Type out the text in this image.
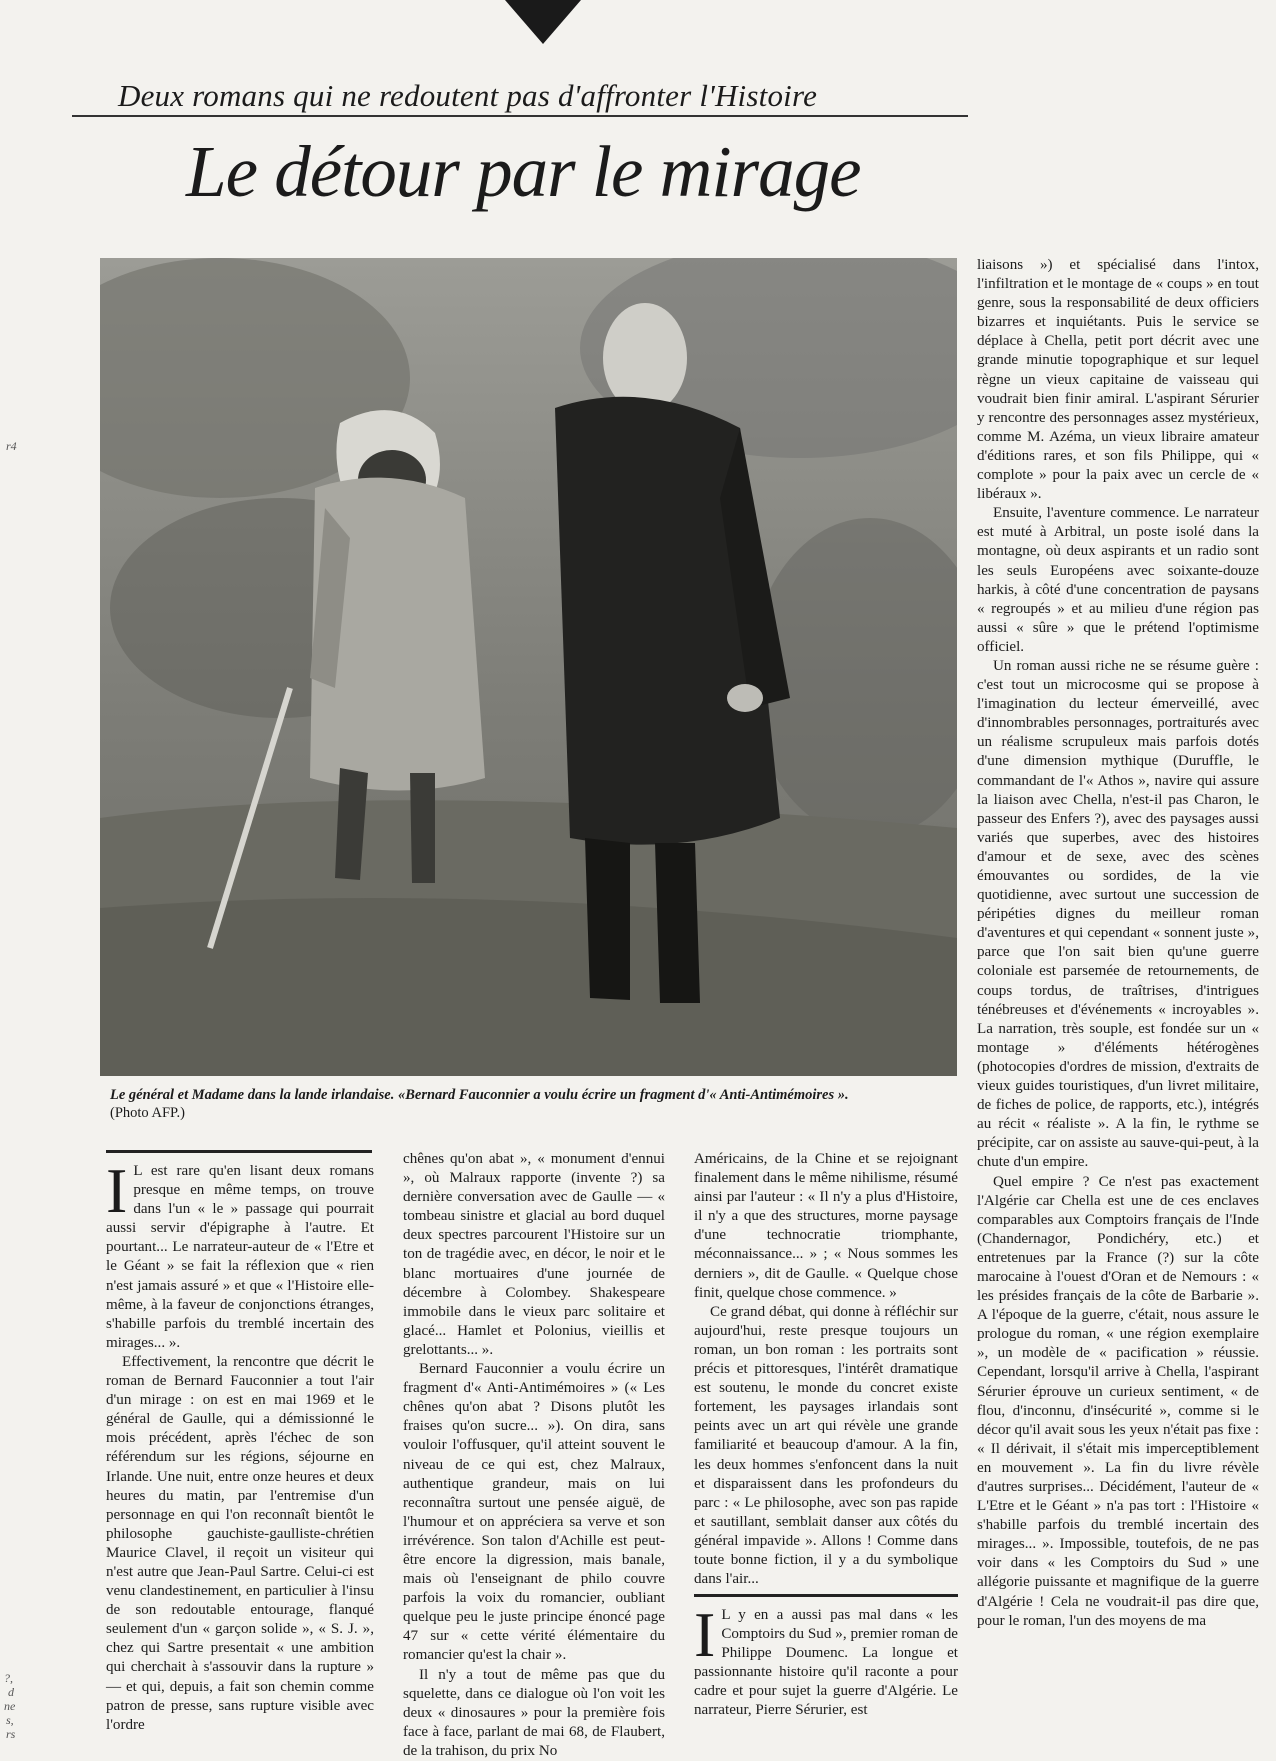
Deux romans qui ne redoutent pas d'affronter l'Histoire
Le détour par le mirage
Le général et Madame dans la lande irlandaise. «Bernard Fauconnier a voulu écrire un fragment d'« Anti-Antimémoires ».
(Photo AFP.)

liaisons ») et spécialisé dans l'intox, l'infiltration et le montage de « coups » en tout genre, sous la responsabilité de deux officiers bizarres et inquiétants. Puis le service se déplace à Chella, petit port décrit avec une grande minutie topographique et sur lequel règne un vieux capitaine de vaisseau qui voudrait bien finir amiral. L'aspirant Sérurier y rencontre des personnages assez mystérieux, comme M. Azéma, un vieux libraire amateur d'éditions rares, et son fils Philippe, qui « complote » pour la paix avec un cercle de « libéraux ».

Ensuite, l'aventure commence. Le narrateur est muté à Arbitral, un poste isolé dans la montagne, où deux aspirants et un radio sont les seuls Européens avec soixante-douze harkis, à côté d'une concentration de paysans « regroupés » et au milieu d'une région pas aussi « sûre » que le prétend l'optimisme officiel.

Un roman aussi riche ne se résume guère : c'est tout un microcosme qui se propose à l'imagination du lecteur émerveillé, avec d'innombrables personnages, portraiturés avec un réalisme scrupuleux mais parfois dotés d'une dimension mythique (Duruffle, le commandant de l'« Athos », navire qui assure la liaison avec Chella, n'est-il pas Charon, le passeur des Enfers ?), avec des paysages aussi variés que superbes, avec des histoires d'amour et de sexe, avec des scènes émouvantes ou sordides, de la vie quotidienne, avec surtout une succession de péripéties dignes du meilleur roman d'aventures et qui cependant « sonnent juste », parce que l'on sait bien qu'une guerre coloniale est parsemée de retournements, de coups tordus, de traîtrises, d'intrigues ténébreuses et d'événements « incroyables ». La narration, très souple, est fondée sur un « montage » d'éléments hétérogènes (photocopies d'ordres de mission, d'extraits de vieux guides touristiques, d'un livret militaire, de fiches de police, de rapports, etc.), intégrés au récit « réaliste ». A la fin, le rythme se précipite, car on assiste au sauve-qui-peut, à la chute d'un empire.

Quel empire ? Ce n'est pas exactement l'Algérie car Chella est une de ces enclaves comparables aux Comptoirs français de l'Inde (Chandernagor, Pondichéry, etc.) et entretenues par la France (?) sur la côte marocaine à l'ouest d'Oran et de Nemours : « les présides français de la côte de Barbarie ». A l'époque de la guerre, c'était, nous assure le prologue du roman, « une région exemplaire », un modèle de « pacification » réussie. Cependant, lorsqu'il arrive à Chella, l'aspirant Sérurier éprouve un curieux sentiment, « de flou, d'inconnu, d'insécurité », comme si le décor qu'il avait sous les yeux n'était pas fixe : « Il dérivait, il s'était mis imperceptiblement en mouvement ». La fin du livre révèle d'autres surprises... Décidément, l'auteur de « L'Etre et le Géant » n'a pas tort : l'Histoire « s'habille parfois du tremblé incertain des mirages... ». Impossible, toutefois, de ne pas voir dans « les Comptoirs du Sud » une allégorie puissante et magnifique de la guerre d'Algérie ! Cela ne voudrait-il pas dire que, pour le roman, l'un des moyens de ma

I L est rare qu'en lisant deux romans presque en même temps, on trouve dans l'un « le » passage qui pourrait aussi servir d'épigraphe à l'autre. Et pourtant... Le narrateur-auteur de « l'Etre et le Géant » se fait la réflexion que « rien n'est jamais assuré » et que « l'Histoire elle-même, à la faveur de conjonctions étranges, s'habille parfois du tremblé incertain des mirages... ».

Effectivement, la rencontre que décrit le roman de Bernard Fauconnier a tout l'air d'un mirage : on est en mai 1969 et le général de Gaulle, qui a démissionné le mois précédent, après l'échec de son référendum sur les régions, séjourne en Irlande. Une nuit, entre onze heures et deux heures du matin, par l'entremise d'un personnage en qui l'on reconnaît bientôt le philosophe gauchiste-gaulliste-chrétien Maurice Clavel, il reçoit un visiteur qui n'est autre que Jean-Paul Sartre. Celui-ci est venu clandestinement, en particulier à l'insu de son redoutable entourage, flanqué seulement d'un « garçon solide », « S. J. », chez qui Sartre presentait « une ambition qui cherchait à s'assouvir dans la rupture » — et qui, depuis, a fait son chemin comme patron de presse, sans rupture visible avec l'ordre

chênes qu'on abat », « monument d'ennui », où Malraux rapporte (invente ?) sa dernière conversation avec de Gaulle — « tombeau sinistre et glacial au bord duquel deux spectres parcourent l'Histoire sur un ton de tragédie avec, en décor, le noir et le blanc mortuaires d'une journée de décembre à Colombey. Shakespeare immobile dans le vieux parc solitaire et glacé... Hamlet et Polonius, vieillis et grelottants... ».

Bernard Fauconnier a voulu écrire un fragment d'« Anti-Antimémoires » (« Les chênes qu'on abat ? Disons plutôt les fraises qu'on sucre... »). On dira, sans vouloir l'offusquer, qu'il atteint souvent le niveau de ce qui est, chez Malraux, authentique grandeur, mais on lui reconnaîtra surtout une pensée aiguë, de l'humour et on appréciera sa verve et son irrévérence. Son talon d'Achille est peut-être encore la digression, mais banale, mais où l'enseignant de philo couvre parfois la voix du romancier, oubliant quelque peu le juste principe énoncé page 47 sur « cette vérité élémentaire du romancier qu'est la chair ».

Il n'y a tout de même pas que du squelette, dans ce dialogue où l'on voit les deux « dinosaures » pour la première fois face à face, parlant de mai 68, de Flaubert, de la trahison, du prix No

Américains, de la Chine et se rejoignant finalement dans le même nihilisme, résumé ainsi par l'auteur : « Il n'y a plus d'Histoire, il n'y a que des structures, morne paysage d'une technocratie triomphante, méconnaissance... » ; « Nous sommes les derniers », dit de Gaulle. « Quelque chose finit, quelque chose commence. »

Ce grand débat, qui donne à réfléchir sur aujourd'hui, reste presque toujours un roman, un bon roman : les portraits sont précis et pittoresques, l'intérêt dramatique est soutenu, le monde du concret existe fortement, les paysages irlandais sont peints avec un art qui révèle une grande familiarité et beaucoup d'amour. A la fin, les deux hommes s'enfoncent dans la nuit et disparaissent dans les profondeurs du parc : « Le philosophe, avec son pas rapide et sautillant, semblait danser aux côtés du général impavide ». Allons ! Comme dans toute bonne fiction, il y a du symbolique dans l'air...

I L y en a aussi pas mal dans « les Comptoirs du Sud », premier roman de Philippe Doumenc. La longue et passionnante histoire qu'il raconte a pour cadre et pour sujet la guerre d'Algérie. Le narrateur, Pierre Sérurier, est

r4
?,
d
ne
s,
rs
